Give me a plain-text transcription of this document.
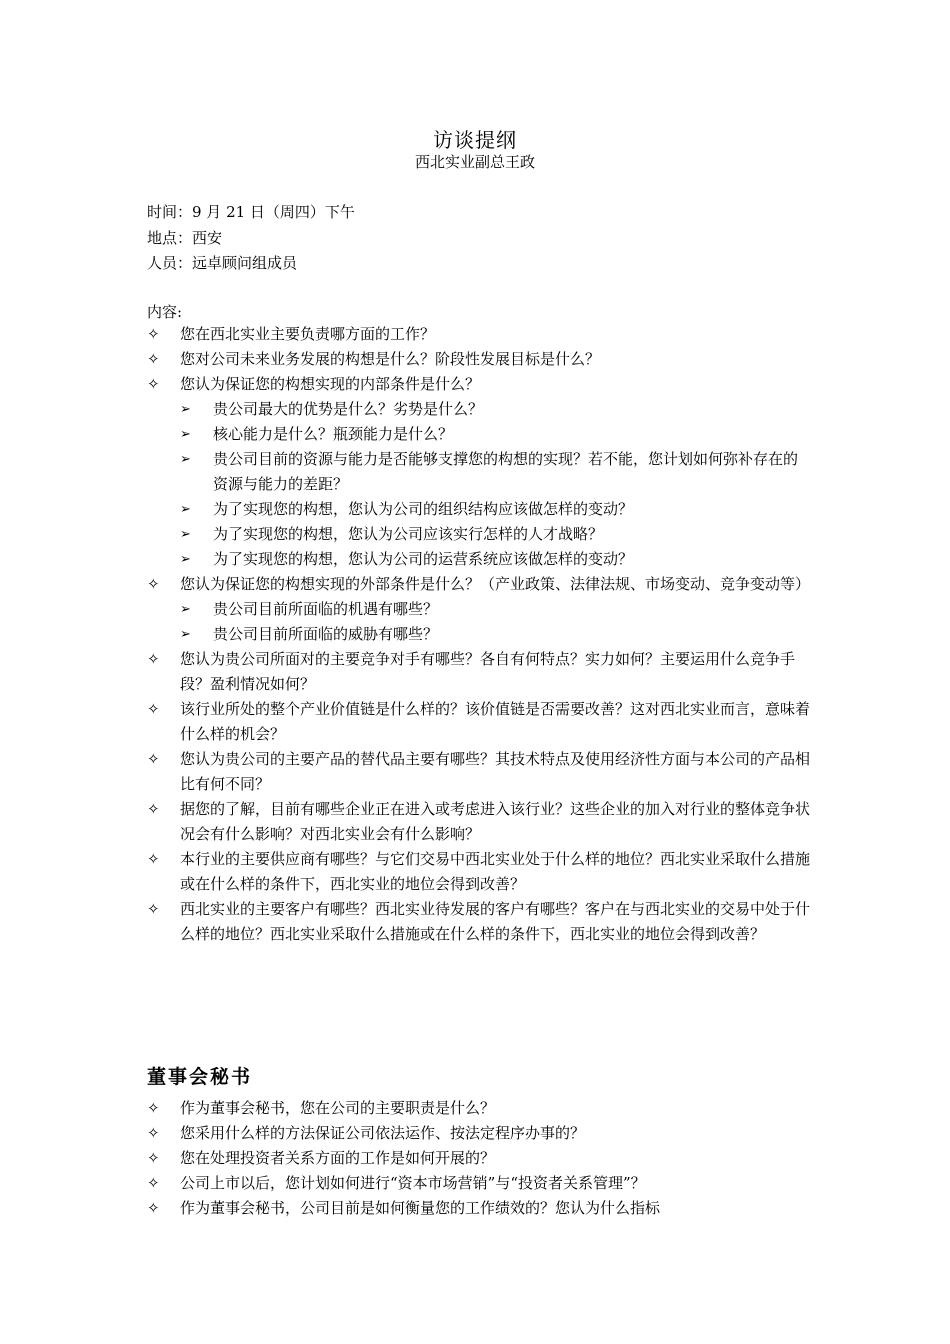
访谈提纲
西北实业副总王政
时间：9 月 21 日（周四）下午
地点：西安
人员：远卓顾问组成员
内容:
✧	您在西北实业主要负责哪方面的工作？
✧	您对公司未来业务发展的构想是什么？阶段性发展目标是什么？
✧	您认为保证您的构想实现的内部条件是什么？
➢	贵公司最大的优势是什么？劣势是什么？
➢	核心能力是什么？瓶颈能力是什么？
➢	贵公司目前的资源与能力是否能够支撑您的构想的实现？若不能，您计划如何弥补存在的资源与能力的差距？
➢	为了实现您的构想，您认为公司的组织结构应该做怎样的变动？
➢	为了实现您的构想，您认为公司应该实行怎样的人才战略？
➢	为了实现您的构想，您认为公司的运营系统应该做怎样的变动？
✧	您认为保证您的构想实现的外部条件是什么？（产业政策、法律法规、市场变动、竞争变动等）
➢	贵公司目前所面临的机遇有哪些？
➢	贵公司目前所面临的威胁有哪些？
✧	您认为贵公司所面对的主要竞争对手有哪些？各自有何特点？实力如何？主要运用什么竞争手段？盈利情况如何？
✧	该行业所处的整个产业价值链是什么样的？该价值链是否需要改善？这对西北实业而言，意味着什么样的机会？
✧	您认为贵公司的主要产品的替代品主要有哪些？其技术特点及使用经济性方面与本公司的产品相比有何不同？
✧	据您的了解，目前有哪些企业正在进入或考虑进入该行业？这些企业的加入对行业的整体竞争状况会有什么影响？对西北实业会有什么影响？
✧	本行业的主要供应商有哪些？与它们交易中西北实业处于什么样的地位？西北实业采取什么措施或在什么样的条件下，西北实业的地位会得到改善？
✧	西北实业的主要客户有哪些？西北实业待发展的客户有哪些？客户在与西北实业的交易中处于什么样的地位？西北实业采取什么措施或在什么样的条件下，西北实业的地位会得到改善？
董事会秘书
✧	作为董事会秘书，您在公司的主要职责是什么？
✧	您采用什么样的方法保证公司依法运作、按法定程序办事的？
✧	您在处理投资者关系方面的工作是如何开展的？
✧	公司上市以后，您计划如何进行“资本市场营销”与“投资者关系管理”？
✧	作为董事会秘书，公司目前是如何衡量您的工作绩效的？您认为什么指标
